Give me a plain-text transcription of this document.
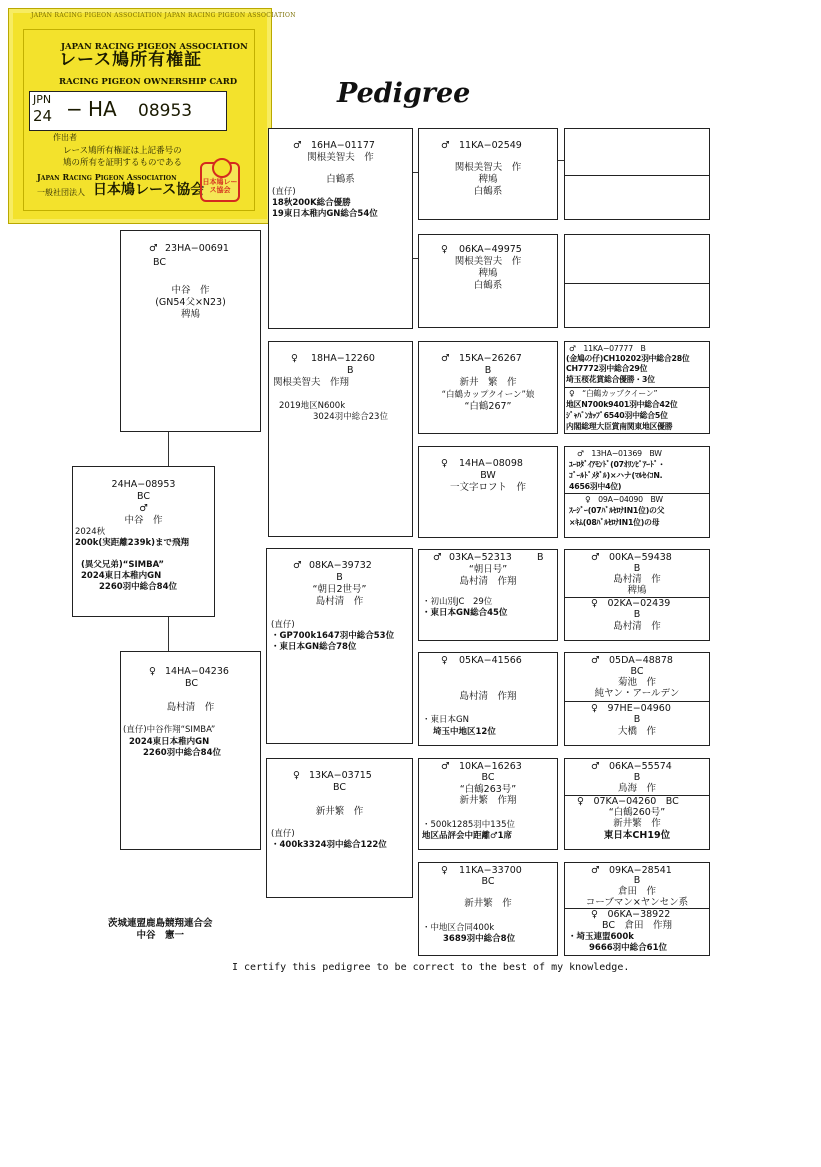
JAPAN RACING PIGEON ASSOCIATION JAPAN RACING PIGEON ASSOCIATION
JAPAN RACING PIGEON ASSOCIATION
レース鳩所有権証
RACING PIGEON OWNERSHIP CARD
JPN
24 − HA 08953
作出者
レース鳩所有権証は上記番号の
鳩の所有を証明するものである
Japan Racing Pigeon Association
一般社団法人 日本鳩レース協会
日本鳩レース協会
Pedigree
24HA−08953
BC
♂
中谷　作
2024秋
200k(実距離239k)まで飛翔
(異父兄弟)“SIMBA”
2024東日本稚内GN
2260羽中総合84位
♂ 23HA−00691
BC
中谷　作
(GN54父×N23)
稗鳩
♀ 14HA−04236
BC
島村清　作
(直仔)中谷作翔“SIMBA”
2024東日本稚内GN
2260羽中総合84位
♂ 16HA−01177
関根美智夫　作
白鶴系
(直仔)
18秋200K総合優勝
19東日本稚内GN総合54位
♀ 18HA−12260
B
関根美智夫　作翔
2019地区N600k
3024羽中総合23位
♂ 08KA−39732
B
“朝日2世号”
島村清　作
(直仔)
・GP700k1647羽中総合53位
・東日本GN総合78位
♀ 13KA−03715
BC
新井繁　作
(直仔)
・400k3324羽中総合122位
♂ 11KA−02549
関根美智夫　作
稗鳩
白鶴系
♀ 06KA−49975
関根美智夫　作
稗鳩
白鶴系
♂ 15KA−26267
B
新井　繁　作
“白鶴カップクイーン”娘
“白鶴267”
♀ 14HA−08098
BW
一文字ロフト　作
♂ 03KA−52313	B
“朝日号”
島村清　作翔
・初山別JC　29位
・東日本GN総合45位
♀ 05KA−41566
島村清　作翔
・東日本GN
埼玉中地区12位
♂ 10KA−16263
BC
“白鶴263号”
新井繁　作翔
・500k1285羽中135位
地区品評会中距離♂1席
♀ 11KA−33700
BC
新井繁　作
・中地区合同400k
3689羽中総合8位
♂　11KA−07777　B
(金鳩の仔)CH10202羽中総合28位
CH7772羽中総合29位
埼玉桜花賞総合優勝・3位
♀　“白鶴カップクイーン”
地区N700k9401羽中総合42位
ｼﾞｬﾊﾟﾝｶｯﾌﾟ6540羽中総合5位
内閣総理大臣賞南関東地区優勝
♂　13HA−01369　BW
ﾕｰﾛﾀﾞｲｱﾓﾝﾄﾞ(07ｵﾘﾝﾋﾟｱｰﾄﾞ・
ｺﾞｰﾙﾄﾞﾒﾀﾞﾙ)×ハナ(ﾏﾙｾｲｺN.
4656羽中4位)
♀　09A−04090　BW
ｽｰｼﾞｰ(07ﾊﾞﾙｾﾛﾅIN1位)の父
×ｷﾑ(08ﾊﾞﾙｾﾛﾅIN1位)の母
♂　00KA−59438
B
島村清　作
稗鳩
♀　02KA−02439
B
島村清　作
♂　05DA−48878
BC
菊池　作
純ヤン・アールデン
♀　97HE−04960
B
大橋　作
♂　06KA−55574
B
鳥海　作
♀　07KA−04260　BC
“白鶴260号”
新井繁　作
東日本CH19位
♂　09KA−28541
B
倉田　作
コーブマン×ヤンセン系
♀　06KA−38922
BC　倉田　作翔
・埼玉連盟600k
9666羽中総合61位
茨城連盟鹿島競翔連合会
中谷　憲一
I certify this pedigree to be correct to the best of my knowledge.
